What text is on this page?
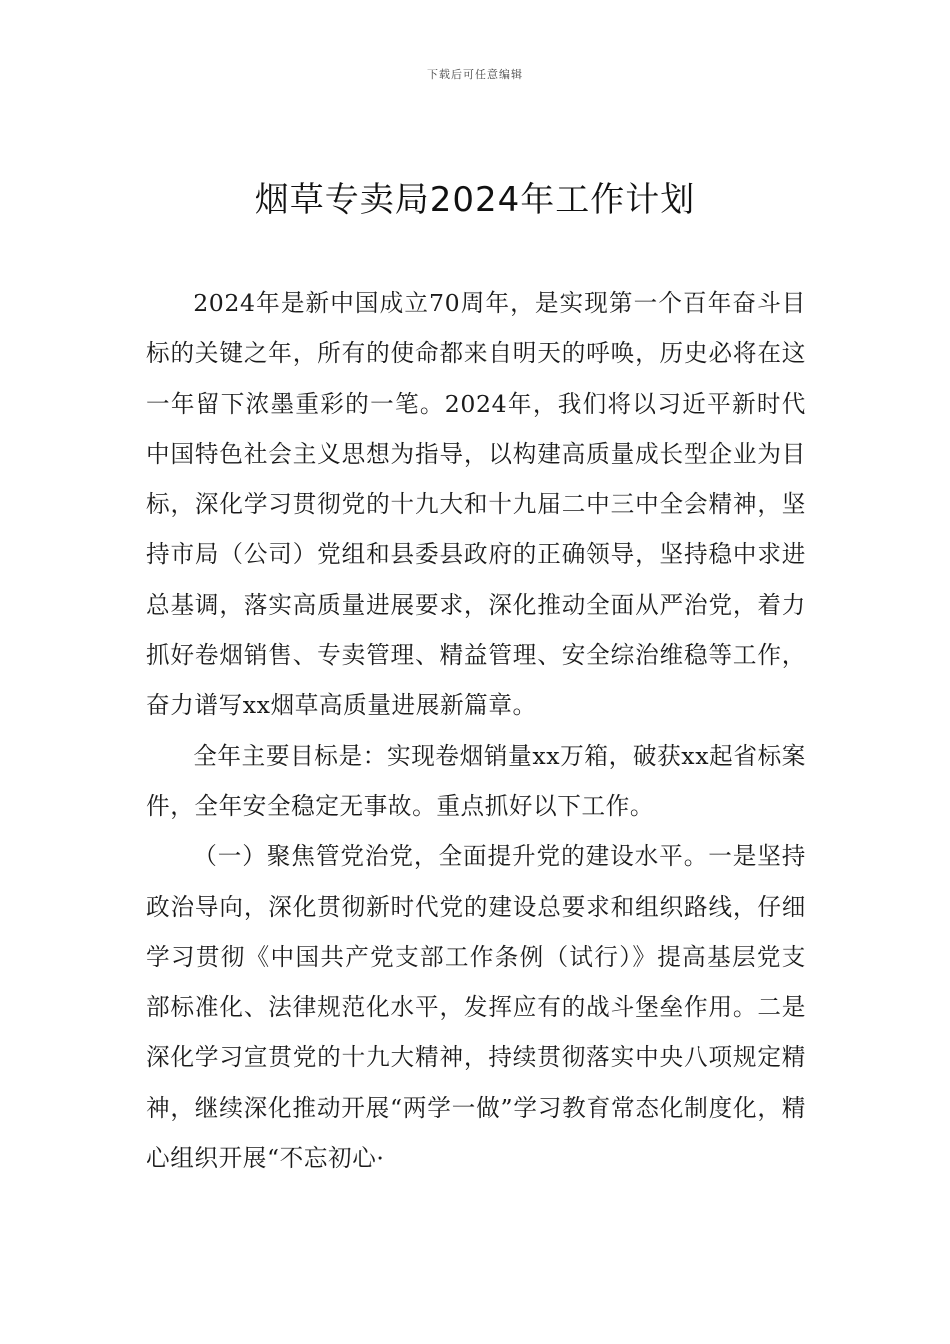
下载后可任意编辑
烟草专卖局2024年工作计划

2024年是新中国成立70周年，是实现第一个百年奋斗目标的关键之年，所有的使命都来自明天的呼唤，历史必将在这一年留下浓墨重彩的一笔。2024年，我们将以习近平新时代中国特色社会主义思想为指导，以构建高质量成长型企业为目标，深化学习贯彻党的十九大和十九届二中三中全会精神，坚持市局（公司）党组和县委县政府的正确领导，坚持稳中求进总基调，落实高质量进展要求，深化推动全面从严治党，着力抓好卷烟销售、专卖管理、精益管理、安全综治维稳等工作，奋力谱写xx烟草高质量进展新篇章。

全年主要目标是：实现卷烟销量xx万箱，破获xx起省标案件，全年安全稳定无事故。重点抓好以下工作。

（一）聚焦管党治党，全面提升党的建设水平。一是坚持政治导向，深化贯彻新时代党的建设总要求和组织路线，仔细学习贯彻《中国共产党支部工作条例（试行）》提高基层党支部标准化、法律规范化水平，发挥应有的战斗堡垒作用。二是深化学习宣贯党的十九大精神，持续贯彻落实中央八项规定精神，继续深化推动开展“两学一做”学习教育常态化制度化，精心组织开展“不忘初心·
